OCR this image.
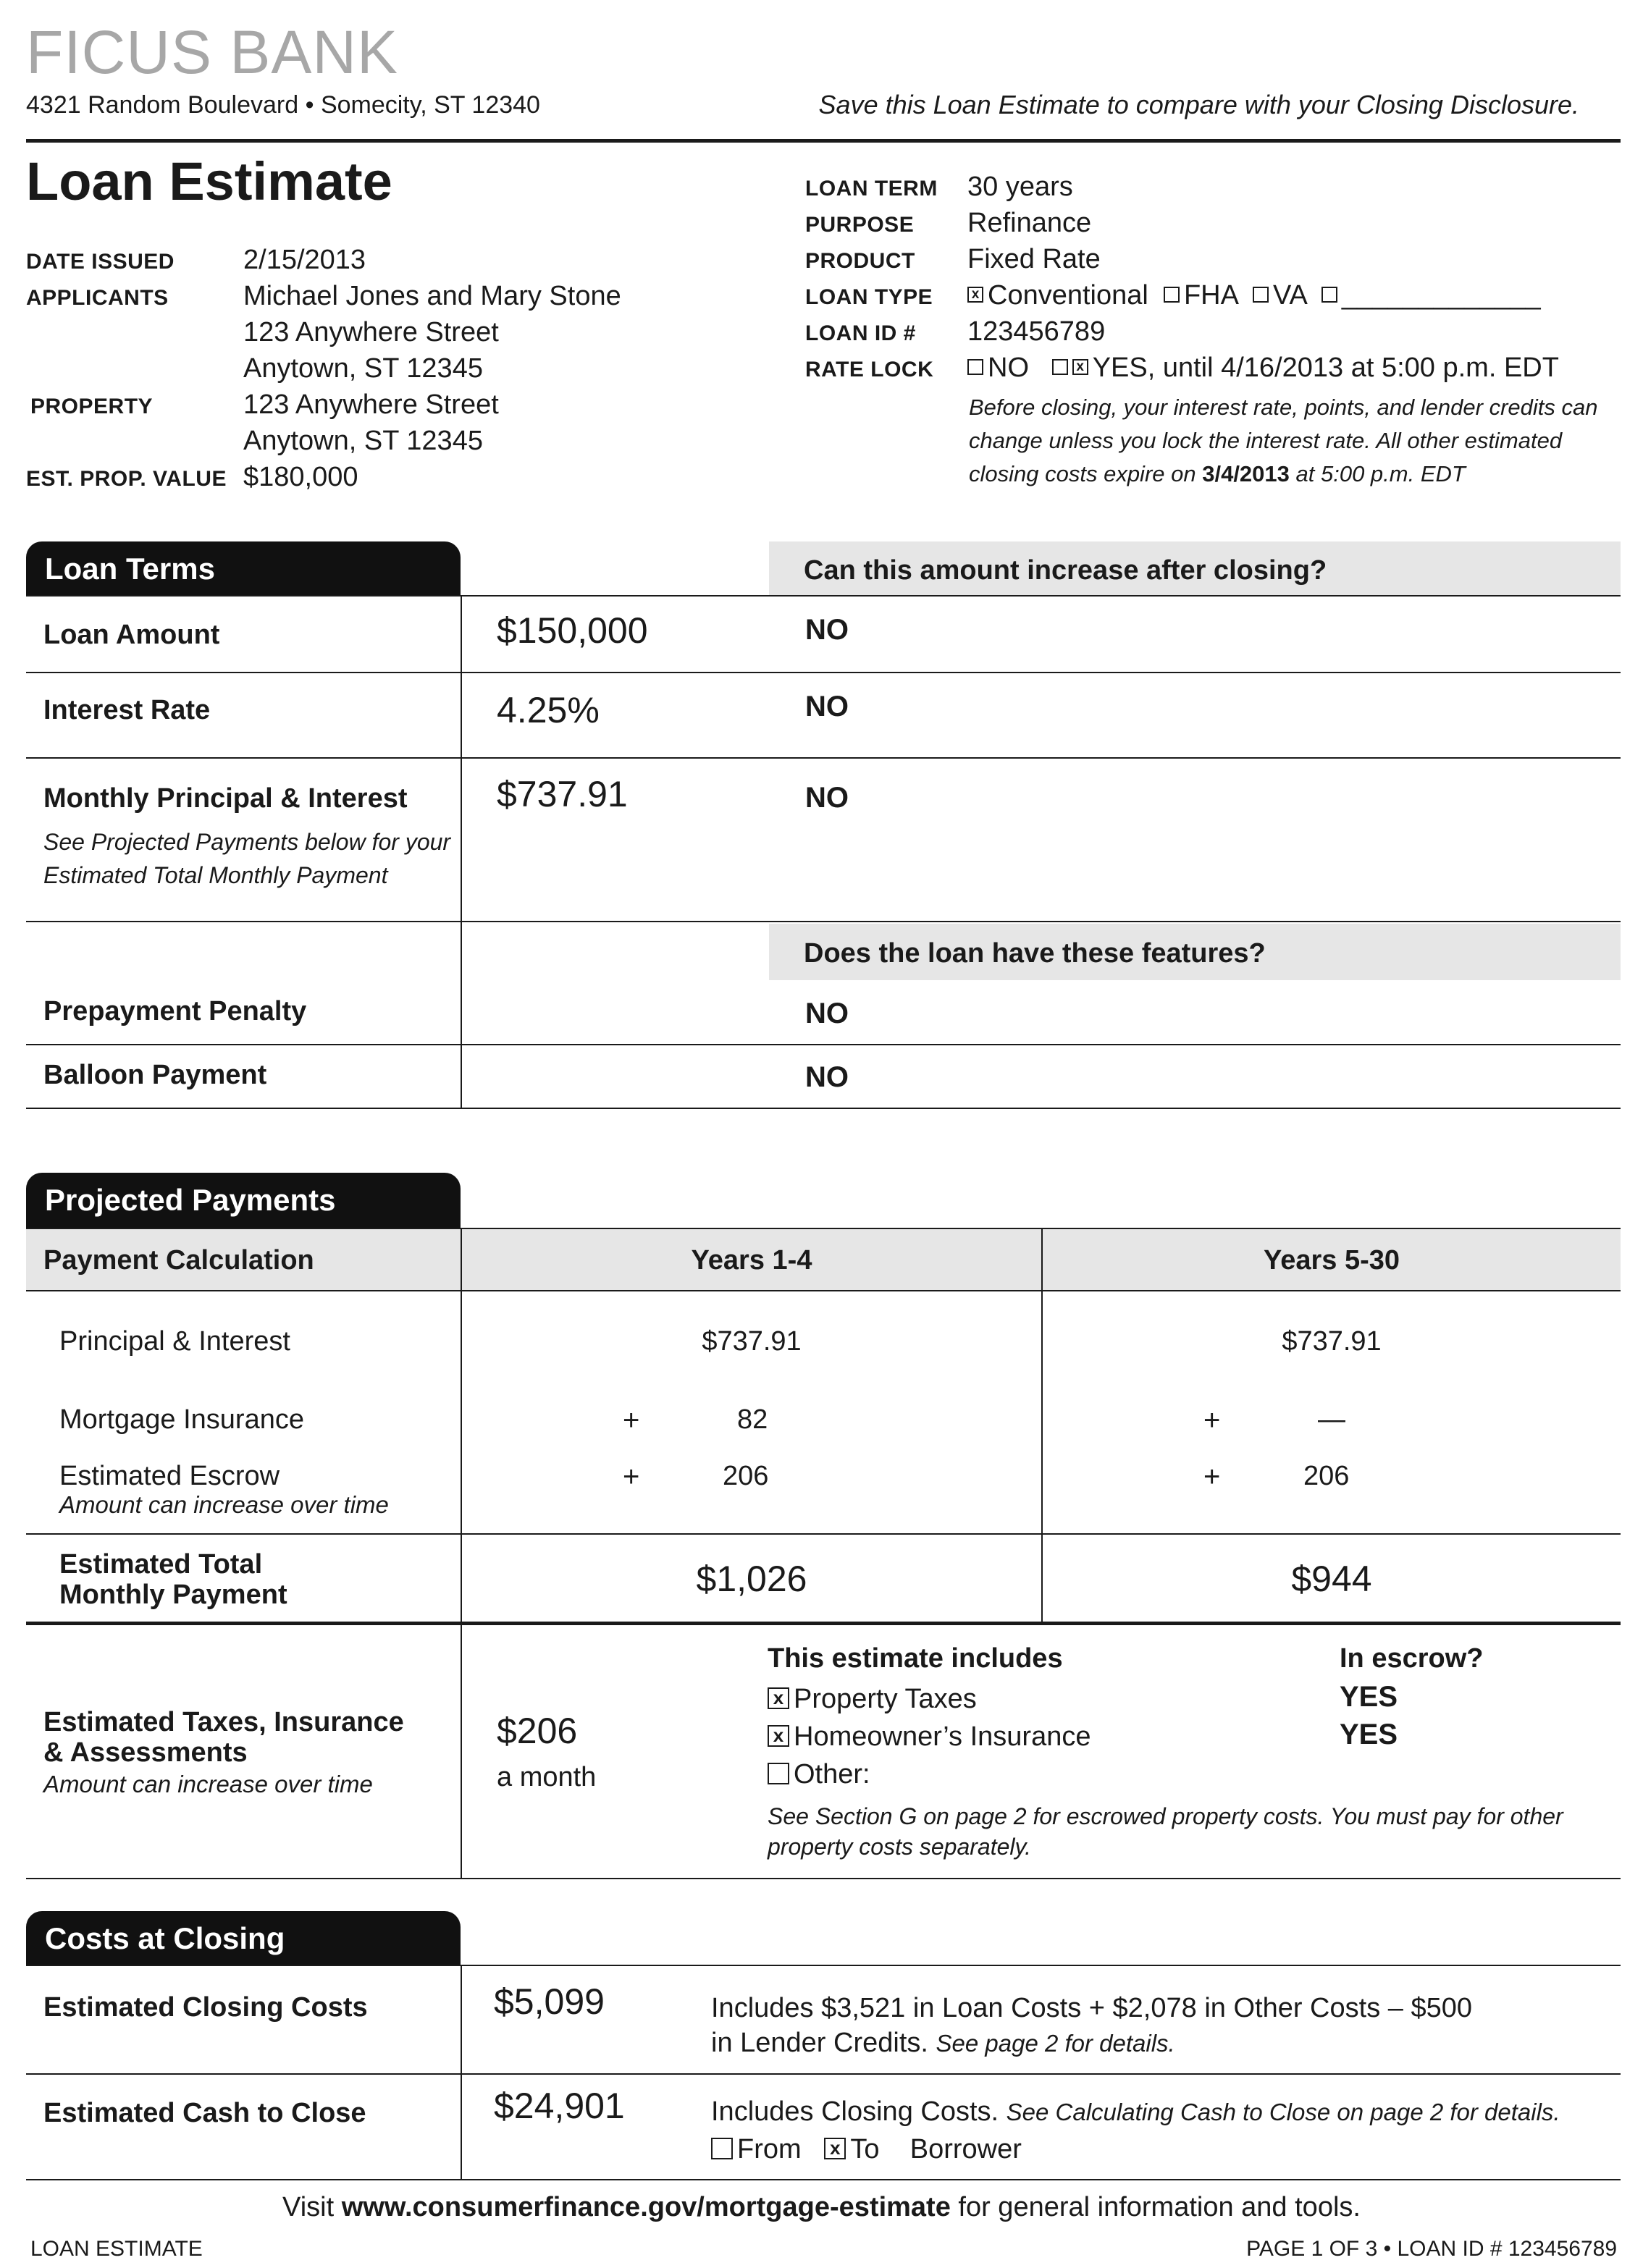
FICUS BANK
4321 Random Boulevard • Somecity, ST 12340	Save this Loan Estimate to compare with your Closing Disclosure.
Loan Estimate
DATE ISSUED	2/15/2013
APPLICANTS	Michael Jones and Mary Stone
123 Anywhere Street
Anytown, ST 12345
PROPERTY	123 Anywhere Street
Anytown, ST 12345
EST. PROP. VALUE $180,000
LOAN TERM 30 years
PURPOSE Refinance
PRODUCT Fixed Rate
LOAN TYPE	x Conventional FHA VA _____________
LOAN ID # 123456789
RATE LOCK	NO	x YES, until 4/16/2013 at 5:00 p.m. EDT
Before closing, your interest rate, points, and lender credits can
change unless you lock the interest rate. All other estimated
closing costs expire on 3/4/2013 at 5:00 p.m. EDT
Loan Terms	Can this amount increase after closing?
Loan Amount	$150,000	NO
Interest Rate	4.25%	NO
Monthly Principal & Interest
See Projected Payments below for your
Estimated Total Monthly Payment
$737.91	NO
Does the loan have these features?
Prepayment Penalty	NO
Balloon Payment	NO
Projected Payments
Payment Calculation	Years 1-4	Years 5-30
Principal & Interest	$737.91	$737.91
Mortgage Insurance	+	82	+	—
Estimated Escrow
Amount can increase over time
+	206	+	206
Estimated Total
Monthly Payment	$1,026	$944
Estimated Taxes, Insurance
& Assessments
Amount can increase over time
$206
a month
This estimate includes	In escrow?
x Property Taxes	YES
x Homeowner’s Insurance	YES
Other:
See Section G on page 2 for escrowed property costs. You must pay for other
property costs separately.
Costs at Closing
Estimated Closing Costs	$5,099	Includes $3,521 in Loan Costs + $2,078 in Other Costs – $500
in Lender Credits. See page 2 for details.
Estimated Cash to Close	$24,901	Includes Closing Costs. See Calculating Cash to Close on page 2 for details.
From x To Borrower
Visit www.consumerfinance.gov/mortgage-estimate for general information and tools.
LOAN ESTIMATE	PAGE 1 OF 3 • LOAN ID # 123456789
